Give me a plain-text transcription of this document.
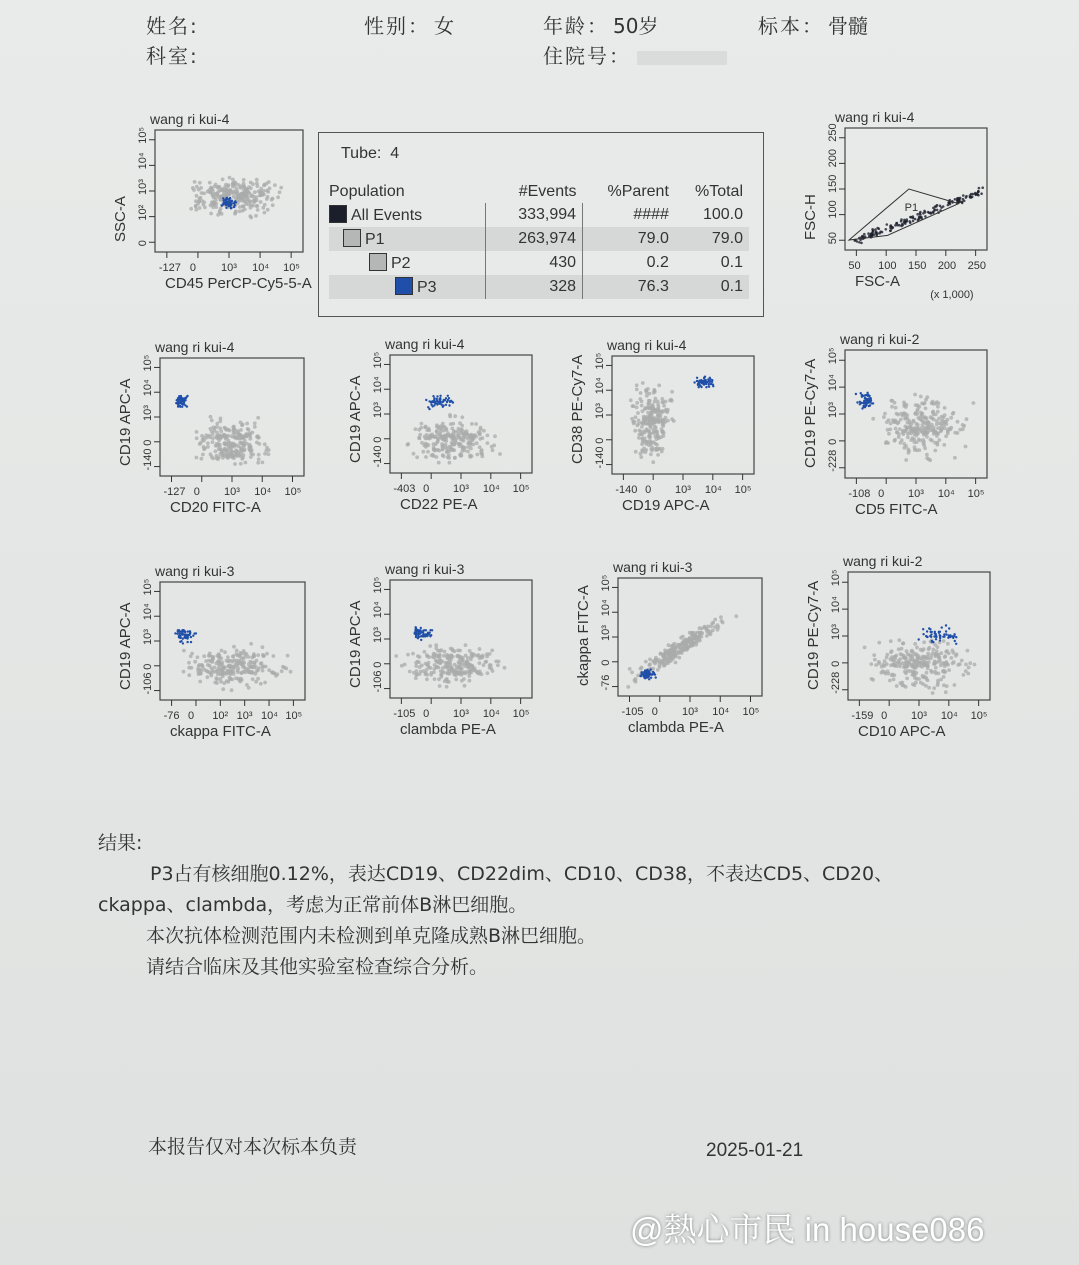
姓名:	性别： 女	年龄： 50岁	标本： 骨髓
科室:	住院号：
Tube: 4
Population	#Events	%Parent	%Total
All Events	333,994	####	100.0
P1	263,974	79.0	79.0
P2	430	0.2	0.1
P3	328	76.3	0.1
wang ri kui-4
-127 0 10³ 10⁴ 10⁵
0
10²
10³
10⁴
10⁵
CD45 PerCP-Cy5-5-A
SSC-A
wang ri kui-4
P1
50 100 150 200 250
50
100
150
200
250
FSC-A
(x 1,000)
FSC-H
wang ri kui-4
-127 0 10³ 10⁴ 10⁵
-140
0
10³
10⁴
10⁵
CD20 FITC-A
CD19 APC-A
wang ri kui-4
-403 0 10³ 10⁴ 10⁵
-140
0
10³
10⁴
10⁵
CD22 PE-A
CD19 APC-A
wang ri kui-4
-140 0 10³ 10⁴ 10⁵
-140
0
10³
10⁴
10⁵
CD19 APC-A
CD38 PE-Cy7-A
wang ri kui-2
-108 0 10³ 10⁴ 10⁵
-228
0
10³
10⁴
10⁵
CD5 FITC-A
CD19 PE-Cy7-A
wang ri kui-3
-76 0 10² 10³ 10⁴ 10⁵
-106
0
10³
10⁴
10⁵
ckappa FITC-A
CD19 APC-A
wang ri kui-3
-105 0 10³ 10⁴ 10⁵
-106
0
10³
10⁴
10⁵
clambda PE-A
CD19 APC-A
wang ri kui-3
-105 0 10³ 10⁴ 10⁵
-76
0
10³
10⁴
10⁵
clambda PE-A
ckappa FITC-A
wang ri kui-2
-159 0 10³ 10⁴ 10⁵
-228
0
10³
10⁴
10⁵
CD10 APC-A
CD19 PE-Cy7-A

结果:

P3占有核细胞0.12%，表达CD19、CD22dim、CD10、CD38，不表达CD5、CD20、

ckappa、clambda，考虑为正常前体B淋巴细胞。

本次抗体检测范围内未检测到单克隆成熟B淋巴细胞。

请结合临床及其他实验室检查综合分析。

本报告仅对本次标本负责	2025-01-21
@熱心市民 in house086
